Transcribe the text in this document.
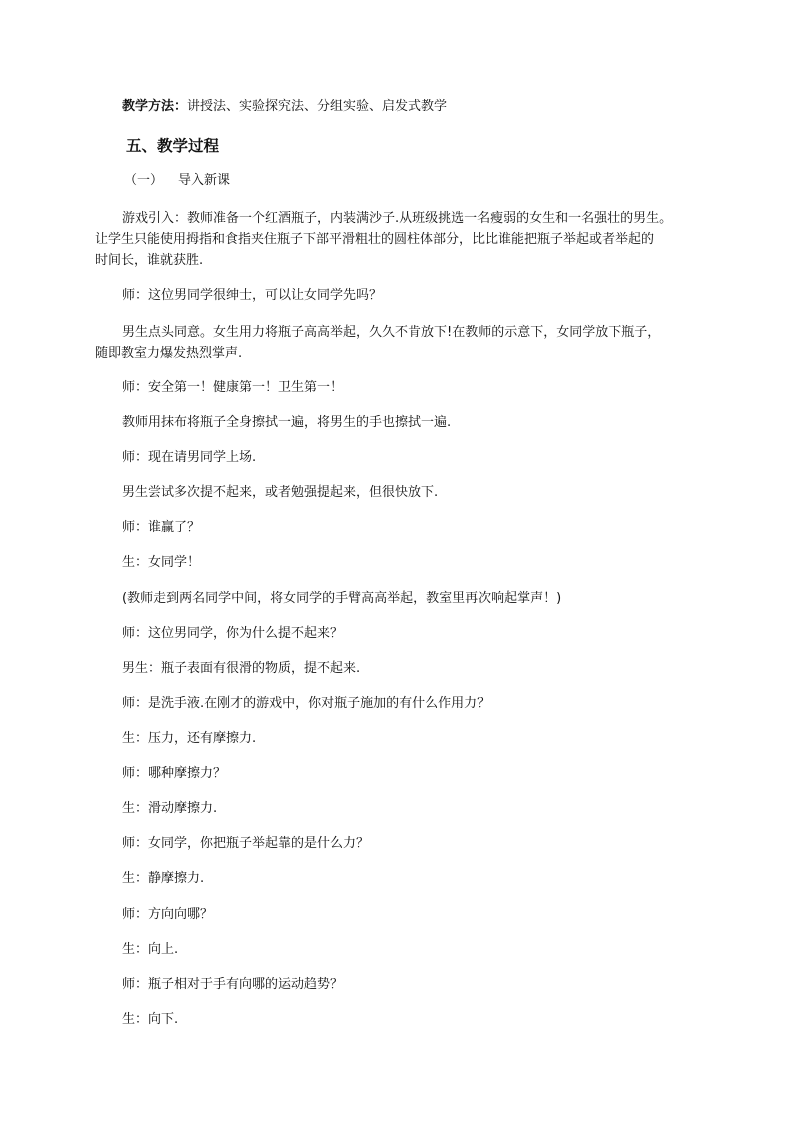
教学方法：讲授法、实验探究法、分组实验、启发式教学

五、教学过程

（一） 导入新课

游戏引入：教师准备一个红酒瓶子，内装满沙子.从班级挑选一名瘦弱的女生和一名强壮的男生。
让学生只能使用拇指和食指夹住瓶子下部平滑粗壮的圆柱体部分，比比谁能把瓶子举起或者举起的
时间长，谁就获胜.

师：这位男同学很绅士，可以让女同学先吗？

男生点头同意。女生用力将瓶子高高举起，久久不肯放下!在教师的示意下，女同学放下瓶子，
随即教室力爆发热烈掌声.

师：安全第一！健康第一！卫生第一！

教师用抹布将瓶子全身擦拭一遍，将男生的手也擦拭一遍.

师：现在请男同学上场.

男生尝试多次提不起来，或者勉强提起来，但很快放下.

师：谁赢了？

生：女同学！

(教师走到两名同学中间，将女同学的手臂高高举起，教室里再次响起掌声！)

师：这位男同学，你为什么提不起来？

男生：瓶子表面有很滑的物质，提不起来.

师：是洗手液.在刚才的游戏中，你对瓶子施加的有什么作用力？

生：压力，还有摩擦力.

师：哪种摩擦力？

生：滑动摩擦力.

师：女同学，你把瓶子举起靠的是什么力？

生：静摩擦力.

师：方向向哪？

生：向上.

师：瓶子相对于手有向哪的运动趋势？

生：向下.
